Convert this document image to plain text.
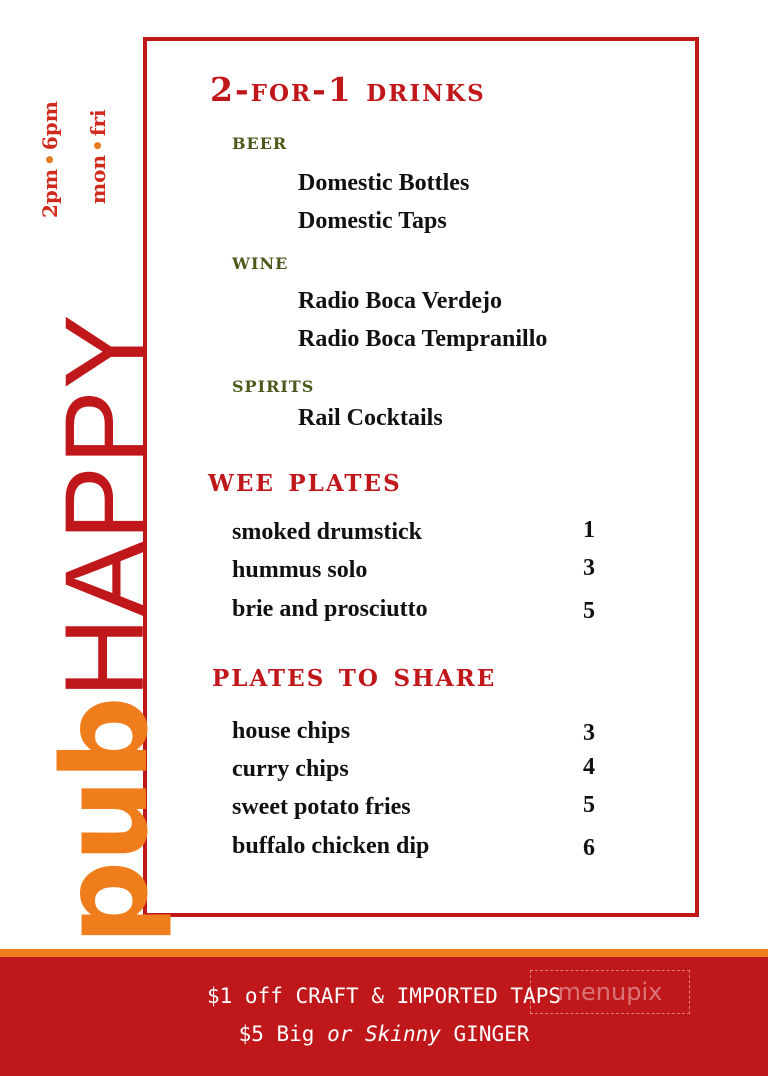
2pm•6pm
mon•fri
pubHAPPY
2-for-1 drinks
beer
Domestic Bottles
Domestic Taps
wine
Radio Boca Verdejo
Radio Boca Tempranillo
spirits
Rail Cocktails
wee plates
smoked drumstick	1
hummus solo	3
brie and prosciutto	5
plates to share
house chips	3
curry chips	4
sweet potato fries	5
buffalo chicken dip	6
$1 off CRAFT & IMPORTED TAPS
$5 Big or Skinny GINGER
menupix
